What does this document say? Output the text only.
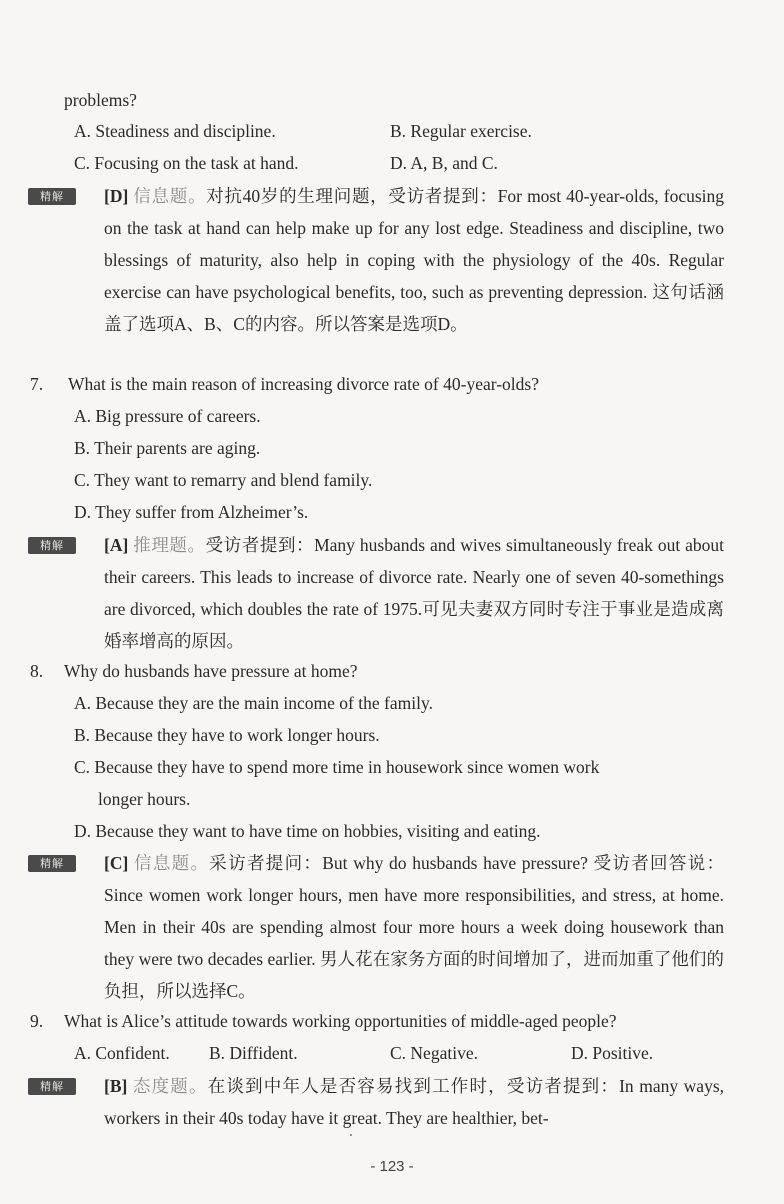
problems?
A. Steadiness and discipline.	B. Regular exercise.
C. Focusing on the task at hand.	D. A, B, and C.
精解	[D] 信息题。对抗40岁的生理问题，受访者提到：For most 40-year-olds, focusing on the task at hand can help make up for any lost edge. Steadiness and discipline, two blessings of maturity, also help in coping with the physiology of the 40s. Regular exercise can have psychological benefits, too, such as preventing depression. 这句话涵盖了选项A、B、C的内容。所以答案是选项D。

7. What is the main reason of increasing divorce rate of 40-year-olds?
A. Big pressure of careers.
B. Their parents are aging.
C. They want to remarry and blend family.
D. They suffer from Alzheimer’s.
精解	[A] 推理题。受访者提到：Many husbands and wives simultaneously freak out about their careers. This leads to increase of divorce rate. Nearly one of seven 40-somethings are divorced, which doubles the rate of 1975.可见夫妻双方同时专注于事业是造成离婚率增高的原因。

8. Why do husbands have pressure at home?
A. Because they are the main income of the family.
B. Because they have to work longer hours.
C. Because they have to spend more time in housework since women work
longer hours.
D. Because they want to have time on hobbies, visiting and eating.
精解	[C] 信息题。采访者提问：But why do husbands have pressure? 受访者回答说：Since women work longer hours, men have more responsibilities, and stress, at home. Men in their 40s are spending almost four more hours a week doing housework than they were two decades earlier. 男人花在家务方面的时间增加了，进而加重了他们的负担，所以选择C。

9. What is Alice’s attitude towards working opportunities of middle-aged people?
A. Confident. B. Diffident.	C. Negative.	D. Positive.
精解	[B] 态度题。在谈到中年人是否容易找到工作时，受访者提到：In many ways, workers in their 40s today have it great. They are healthier, bet-

- 123 -
